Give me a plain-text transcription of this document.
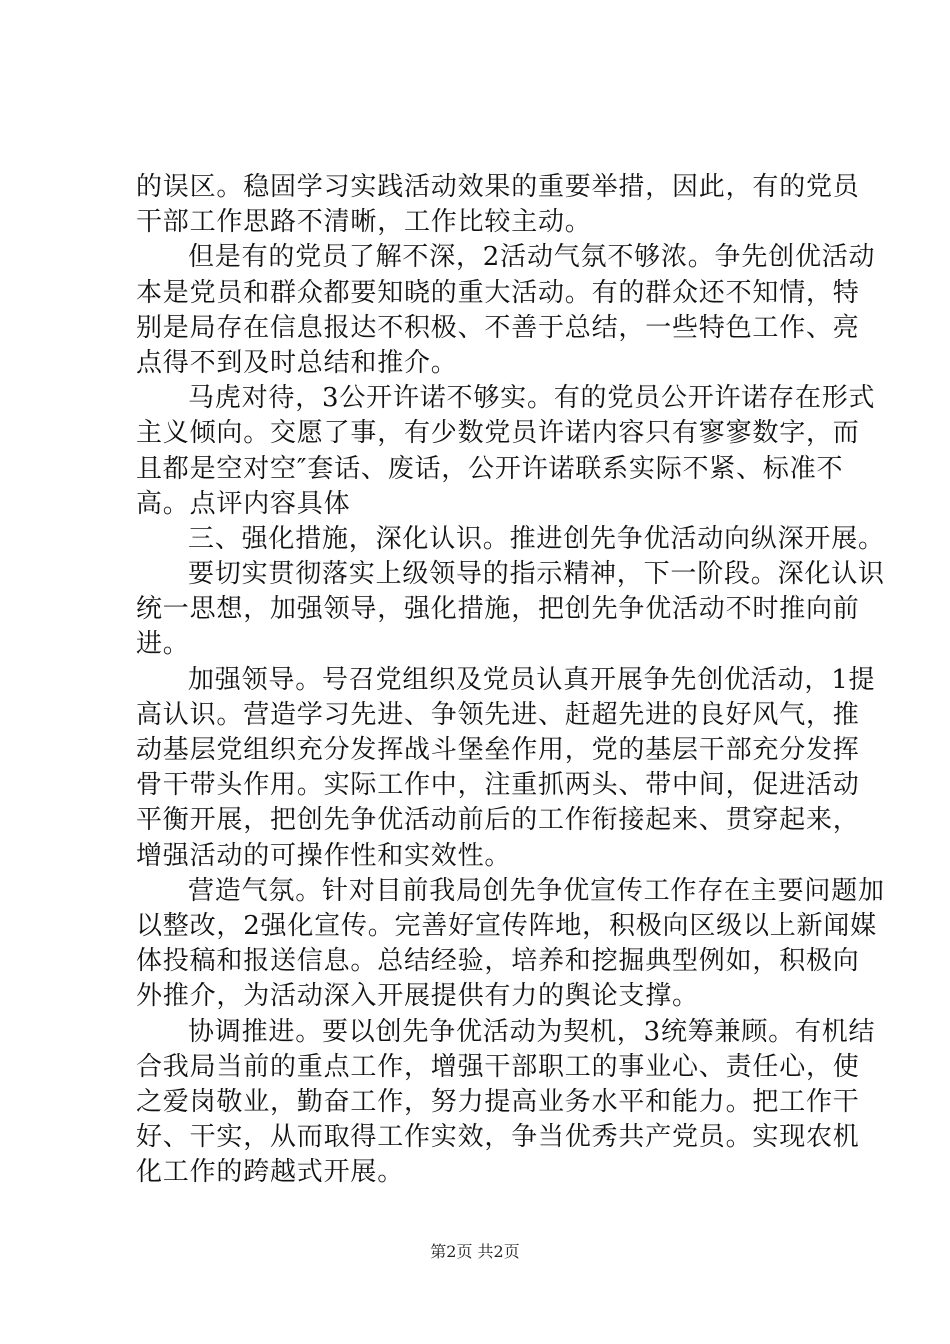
的误区。稳固学习实践活动效果的重要举措，因此，有的党员
干部工作思路不清晰，工作比较主动。
但是有的党员了解不深，2活动气氛不够浓。争先创优活动
本是党员和群众都要知晓的重大活动。有的群众还不知情，特
别是局存在信息报达不积极、不善于总结，一些特色工作、亮
点得不到及时总结和推介。
马虎对待，3公开许诺不够实。有的党员公开许诺存在形式
主义倾向。交愿了事，有少数党员许诺内容只有寥寥数字，而
且都是空对空″套话、废话，公开许诺联系实际不紧、标准不
高。点评内容具体
三、强化措施，深化认识。推进创先争优活动向纵深开展。
要切实贯彻落实上级领导的指示精神，下一阶段。深化认识
统一思想，加强领导，强化措施，把创先争优活动不时推向前
进。
加强领导。号召党组织及党员认真开展争先创优活动，1提
高认识。营造学习先进、争领先进、赶超先进的良好风气，推
动基层党组织充分发挥战斗堡垒作用，党的基层干部充分发挥
骨干带头作用。实际工作中，注重抓两头、带中间，促进活动
平衡开展，把创先争优活动前后的工作衔接起来、贯穿起来，
增强活动的可操作性和实效性。
营造气氛。针对目前我局创先争优宣传工作存在主要问题加
以整改，2强化宣传。完善好宣传阵地，积极向区级以上新闻媒
体投稿和报送信息。总结经验，培养和挖掘典型例如，积极向
外推介，为活动深入开展提供有力的舆论支撑。
协调推进。要以创先争优活动为契机，3统筹兼顾。有机结
合我局当前的重点工作，增强干部职工的事业心、责任心，使
之爱岗敬业，勤奋工作，努力提高业务水平和能力。把工作干
好、干实，从而取得工作实效，争当优秀共产党员。实现农机
化工作的跨越式开展。
第2页 共2页
